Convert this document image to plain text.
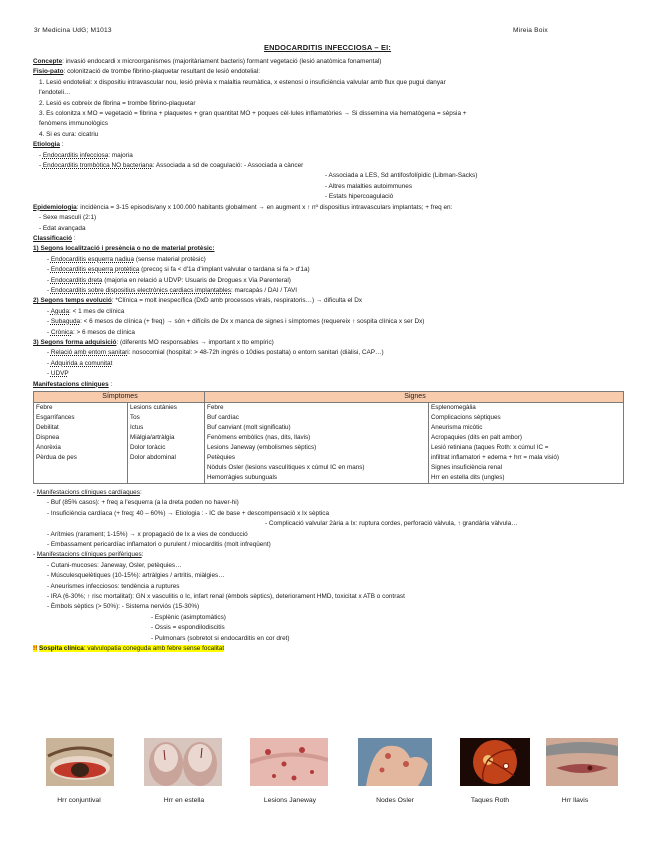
3r Medicina UdG; M1013	Mireia Boix
ENDOCARDITIS INFECCIOSA – EI:
Concepte: invasió endocardi x microorganismes (majoritàriament bacteris) formant vegetació (lesió anatòmica fonamental)
Fisio-pato: colonització de trombe fibrino-plaquetar resultant de lesió endotelial:
1. Lesió endotelial: x dispositiu intravascular nou, lesió prèvia x malaltia reumàtica, x estenosi o insuficiència valvular amb flux que pugui danyar
l'endoteli…
2. Lesió es cobreix de fibrina = trombe fibrino-plaquetar
3. Es colonitza x MO = vegetació = fibrina + plaquetes + gran quantitat MO + poques cèl·lules inflamatòries → Si dissemina via hematògena = sèpsia +
fenòmens immunològics
4. Si es cura: cicatriu
Etiologia :
- Endocarditis infecciosa: majoria
- Endocarditis trombòtica NO bacteriana: Associada a sd de coagulació: - Associada a càncer
- Associada a LES, Sd antifosfolípidic (Libman-Sacks)
- Altres malalties autoimmunes
- Estats hipercoagulació
Epidemiologia: incidència = 3-15 episodis/any x 100.000 habitants globalment → en augment x ↑ nº dispositius intravasculars implantats; + freq en:
- Sexe masculí (2:1)
- Edat avançada
Classificació :
1) Segons localització i presència o no de material protèsic:
- Endocarditis esquerra nadiua (sense material protèsic)
- Endocarditis esquerra protètica (precoç si fa < d'1a d'implant valvular o tardana si fa > d'1a)
- Endocarditis dreta (majoria en relació a UDVP: Usuaris de Drogues x Via Parenteral)
- Endocarditis sobre dispositius electrònics cardiacs implantables: marcapàs / DAI / TAVI
2) Segons temps evolució: *Clínica = molt inespecífica (DxD amb processos virals, respiratoris…) → dificulta el Dx
- Aguda: < 1 mes de clínica
- Subaguda: < 6 mesos de clínica (+ freq) → són + difícils de Dx x manca de signes i símptomes (requereix ↑ sospita clínica x ser Dx)
- Crònica: > 6 mesos de clínica
3) Segons forma adquisició: (diferents MO responsables → important x tto empíric)
- Relació amb entorn sanitari: nosocomial (hospital: > 48-72h ingrés o 10dies postalta) o entorn sanitari (diàlisi, CAP…)
- Adquirida a comunitat
- UDVP
Manifestacions clíniques :
Símptomes		Signes	
Febre	Lesions cutànies	Febre	Esplenomegàlia
Esgarrifances	Tos	Buf cardíac	Complicacions sèptiques
Debilitat	Ictus	Buf canviant (molt significatiu)	Aneurisma micòtic
Dispnea	Miàlgia/artràlgia	Fenòmens embòlics (nas, dits, llavis)	Acropaquies (dits en palt ambor)
Anorèxia	Dolor toràcic	Lesions Janeway (embolismes sèptics)	Lesió retiniana (taques Roth: x cúmul IC =
Pèrdua de pes	Dolor abdominal	Petèquies	infiltrat inflamatori + edema + hrr = mala visió)
		Nòduls Osler (lesions vasculítiques x cúmul IC en mans)	Signes insuficiència renal
		Hemorràgies subunguals	Hrr en estella dits (ungles)
- Manifestacions clíniques cardíaques:
- Buf (85% casos): + freq a l'esquerra (a la dreta poden no haver-hi)
- Insuficiència cardíaca (+ freq; 40 – 60%) → Etiologia : - IC de base + descompensació x Ix sèptica
- Complicació valvular 2ària a Ix: ruptura cordes, perforació vàlvula, ↑ grandària vàlvula…
- Arítmies (rarament; 1-15%) → x propagació de Ix a vies de conducció
- Embassament pericardíac inflamatori o purulent / miocarditis (molt infreqüent)
- Manifestacions clíniques perifèriques:
- Cutani-mucoses: Janeway, Osler, petèquies…
- Músculesquelètiques (10-15%): artràlgies / artritis, miàlgies…
- Aneurismes infecciosos: tendència a ruptures
- IRA (6-30%; ↑ risc mortalitat): GN x vasculitis o Ic, infart renal (èmbols sèptics), deteriorament HMD, toxicitat x ATB o contrast
- Èmbols sèptics (> 50%): - Sistema nerviós (15-30%)
- Esplènic (asimptomàtics)
- Ossis = espondilodiscitis
- Pulmonars (sobretot si endocarditis en cor dret)
!! Sospita clínica: valvulopatia coneguda amb febre sense focalitat
Hrr conjuntival	Hrr en estella	Lesions Janeway	Nodes Osler	Taques Roth	Hrr llavis
